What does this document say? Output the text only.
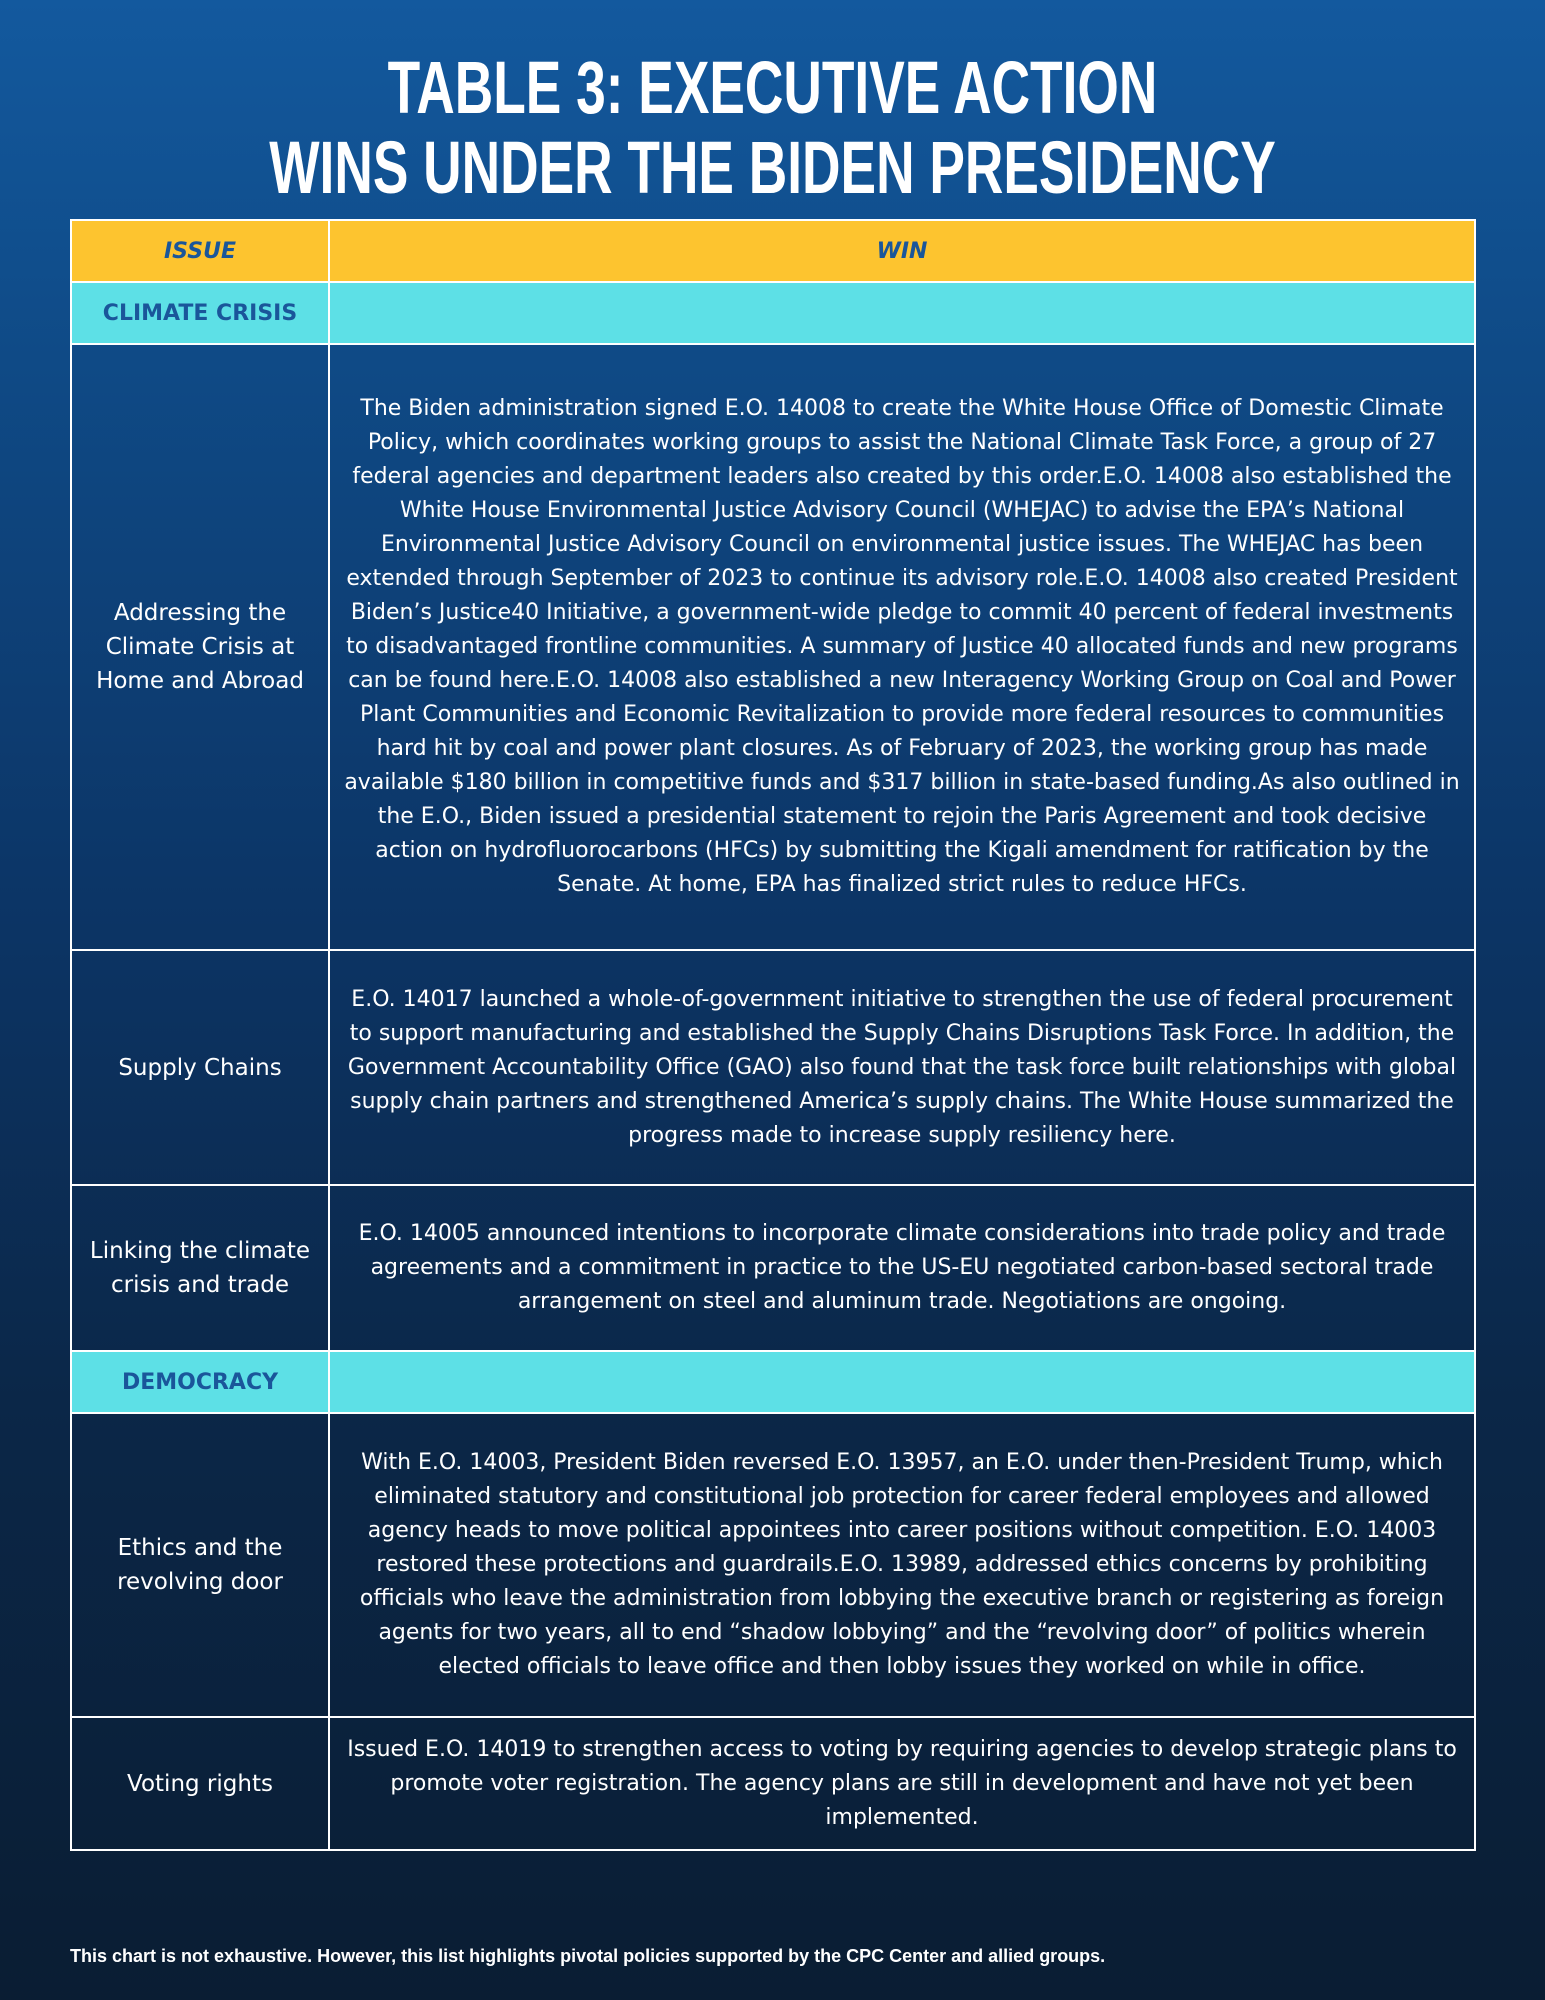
TABLE 3: EXECUTIVE ACTION
WINS UNDER THE BIDEN PRESIDENCY
ISSUE	WIN
CLIMATE CRISIS	
Addressing the Climate Crisis at Home and Abroad	The Biden administration signed E.O. 14008 to create the White House Office of Domestic Climate Policy, which coordinates working groups to assist the National Climate Task Force, a group of 27 federal agencies and department leaders also created by this order.E.O. 14008 also established the White House Environmental Justice Advisory Council (WHEJAC) to advise the EPA’s National Environmental Justice Advisory Council on environmental justice issues. The WHEJAC has been extended through September of 2023 to continue its advisory role.E.O. 14008 also created President Biden’s Justice40 Initiative, a government-wide pledge to commit 40 percent of federal investments to disadvantaged frontline communities. A summary of Justice 40 allocated funds and new programs can be found here.E.O. 14008 also established a new Interagency Working Group on Coal and Power Plant Communities and Economic Revitalization to provide more federal resources to communities hard hit by coal and power plant closures. As of February of 2023, the working group has made available $180 billion in competitive funds and $317 billion in state-based funding.As also outlined in the E.O., Biden issued a presidential statement to rejoin the Paris Agreement and took decisive action on hydrofluorocarbons (HFCs) by submitting the Kigali amendment for ratification by the Senate. At home, EPA has finalized strict rules to reduce HFCs.
Supply Chains	E.O. 14017 launched a whole-of-government initiative to strengthen the use of federal procurement to support manufacturing and established the Supply Chains Disruptions Task Force. In addition, the Government Accountability Office (GAO) also found that the task force built relationships with global supply chain partners and strengthened America’s supply chains. The White House summarized the progress made to increase supply resiliency here.
Linking the climate crisis and trade	E.O. 14005 announced intentions to incorporate climate considerations into trade policy and trade agreements and a commitment in practice to the US-EU negotiated carbon-based sectoral trade arrangement on steel and aluminum trade. Negotiations are ongoing.
DEMOCRACY	
Ethics and the revolving door	With E.O. 14003, President Biden reversed E.O. 13957, an E.O. under then-President Trump, which eliminated statutory and constitutional job protection for career federal employees and allowed agency heads to move political appointees into career positions without competition. E.O. 14003 restored these protections and guardrails.E.O. 13989, addressed ethics concerns by prohibiting officials who leave the administration from lobbying the executive branch or registering as foreign agents for two years, all to end “shadow lobbying” and the “revolving door” of politics wherein elected officials to leave office and then lobby issues they worked on while in office.
Voting rights	Issued E.O. 14019 to strengthen access to voting by requiring agencies to develop strategic plans to promote voter registration. The agency plans are still in development and have not yet been implemented.

This chart is not exhaustive. However, this list highlights pivotal policies supported by the CPC Center and allied groups.
